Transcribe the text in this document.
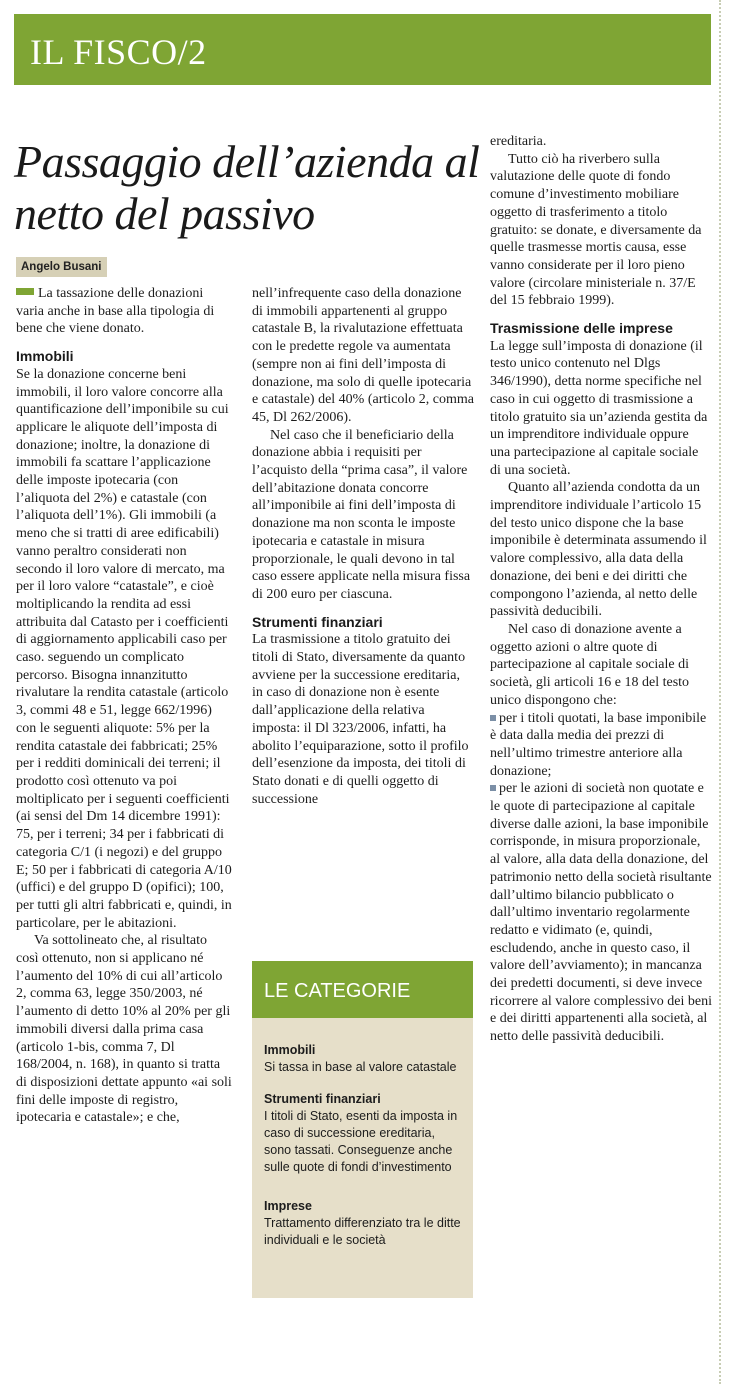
IL FISCO/2
Passaggio dell’azienda al netto del passivo
Angelo Busani

La tassazione delle donazioni varia anche in base alla tipologia di bene che viene donato.

Immobili

Se la donazione concerne beni immobili, il loro valore concorre alla quantificazione dell’imponibile su cui applicare le aliquote dell’imposta di donazione; inoltre, la donazione di immobili fa scattare l’applicazione delle imposte ipotecaria (con l’aliquota del 2%) e catastale (con l’aliquota dell’1%). Gli immobili (a meno che si tratti di aree edificabili) vanno peraltro considerati non secondo il loro valore di mercato, ma per il loro valore “catastale”, e cioè moltiplicando la rendita ad essi attribuita dal Catasto per i coefficienti di aggiornamento applicabili caso per caso. seguendo un complicato percorso. Bisogna innanzitutto rivalutare la rendita catastale (articolo 3, commi 48 e 51, legge 662/1996) con le seguenti aliquote: 5% per la rendita catastale dei fabbricati; 25% per i redditi dominicali dei terreni; il prodotto così ottenuto va poi moltiplicato per i seguenti coefficienti (ai sensi del Dm 14 dicembre 1991): 75, per i terreni; 34 per i fabbricati di categoria C/1 (i negozi) e del gruppo E; 50 per i fabbricati di categoria A/10 (uffici) e del gruppo D (opifici); 100, per tutti gli altri fabbricati e, quindi, in particolare, per le abitazioni.

Va sottolineato che, al risultato così ottenuto, non si applicano né l’aumento del 10% di cui all’articolo 2, comma 63, legge 350/2003, né l’aumento di detto 10% al 20% per gli immobili diversi dalla prima casa (articolo 1-bis, comma 7, Dl 168/2004, n. 168), in quanto si tratta di disposizioni dettate appunto «ai soli fini delle imposte di registro, ipotecaria e catastale»; e che,

nell’infrequente caso della donazione di immobili appartenenti al gruppo catastale B, la rivalutazione effettuata con le predette regole va aumentata (sempre non ai fini dell’imposta di donazione, ma solo di quelle ipotecaria e catastale) del 40% (articolo 2, comma 45, Dl 262/2006).

Nel caso che il beneficiario della donazione abbia i requisiti per l’acquisto della “prima casa”, il valore dell’abitazione donata concorre all’imponibile ai fini dell’imposta di donazione ma non sconta le imposte ipotecaria e catastale in misura proporzionale, le quali devono in tal caso essere applicate nella misura fissa di 200 euro per ciascuna.

Strumenti finanziari

La trasmissione a titolo gratuito dei titoli di Stato, diversamente da quanto avviene per la successione ereditaria, in caso di donazione non è esente dall’applicazione della relativa imposta: il Dl 323/2006, infatti, ha abolito l’equiparazione, sotto il profilo dell’esenzione da imposta, dei titoli di Stato donati e di quelli oggetto di successione

ereditaria.

Tutto ciò ha riverbero sulla valutazione delle quote di fondo comune d’investimento mobiliare oggetto di trasferimento a titolo gratuito: se donate, e diversamente da quelle trasmesse mortis causa, esse vanno considerate per il loro pieno valore (circolare ministeriale n. 37/E del 15 febbraio 1999).

Trasmissione delle imprese

La legge sull’imposta di donazione (il testo unico contenuto nel Dlgs 346/1990), detta norme specifiche nel caso in cui oggetto di trasmissione a titolo gratuito sia un’azienda gestita da un imprenditore individuale oppure una partecipazione al capitale sociale di una società.

Quanto all’azienda condotta da un imprenditore individuale l’articolo 15 del testo unico dispone che la base imponibile è determinata assumendo il valore complessivo, alla data della donazione, dei beni e dei diritti che compongono l’azienda, al netto delle passività deducibili.

Nel caso di donazione avente a oggetto azioni o altre quote di partecipazione al capitale sociale di società, gli articoli 16 e 18 del testo unico dispongono che:

per i titoli quotati, la base imponibile è data dalla media dei prezzi di nell’ultimo trimestre anteriore alla donazione;

per le azioni di società non quotate e le quote di partecipazione al capitale diverse dalle azioni, la base imponibile corrisponde, in misura proporzionale, al valore, alla data della donazione, del patrimonio netto della società risultante dall’ultimo bilancio pubblicato o dall’ultimo inventario regolarmente redatto e vidimato (e, quindi, escludendo, anche in questo caso, il valore dell’avviamento); in mancanza dei predetti documenti, si deve invece ricorrere al valore complessivo dei beni e dei diritti appartenenti alla società, al netto delle passività deducibili.

LE CATEGORIE
Immobili
Si tassa in base al valore catastale
Strumenti finanziari
I titoli di Stato, esenti da imposta in caso di successione ereditaria, sono tassati. Conseguenze anche sulle quote di fondi d’investimento
Imprese
Trattamento differenziato tra le ditte individuali e le società
